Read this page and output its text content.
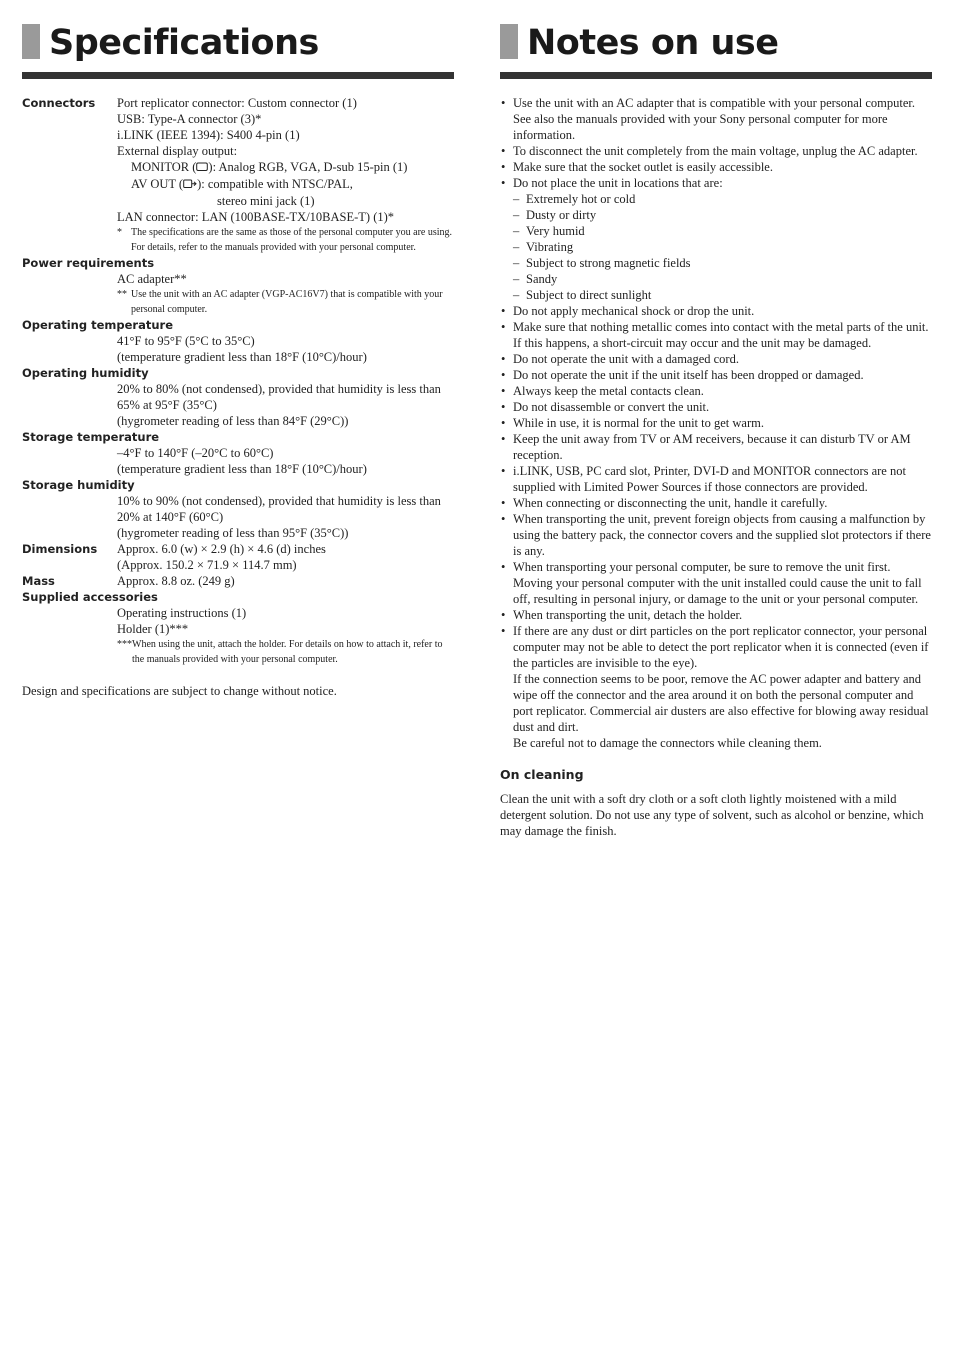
Specifications
Connectors	Port replicator connector: Custom connector (1)
USB: Type-A connector (3)*
i.LINK (IEEE 1394): S400 4-pin (1)
External display output:
MONITOR ( ): Analog RGB, VGA, D-sub 15-pin (1)
AV OUT ( ): compatible with NTSC/PAL,
stereo mini jack (1)
LAN connector: LAN (100BASE-TX/10BASE-T) (1)*
* The specifications are the same as those of the personal computer you are using. For details, refer to the manuals provided with your personal computer.
Power requirements
AC adapter**
** Use the unit with an AC adapter (VGP-AC16V7) that is compatible with your personal computer.
Operating temperature
41°F to 95°F (5°C to 35°C)
(temperature gradient less than 18°F (10°C)/hour)
Operating humidity
20% to 80% (not condensed), provided that humidity is less than 65% at 95°F (35°C)
(hygrometer reading of less than 84°F (29°C))
Storage temperature
–4°F to 140°F (–20°C to 60°C)
(temperature gradient less than 18°F (10°C)/hour)
Storage humidity
10% to 90% (not condensed), provided that humidity is less than 20% at 140°F (60°C)
(hygrometer reading of less than 95°F (35°C))
Dimensions	Approx. 6.0 (w) × 2.9 (h) × 4.6 (d) inches
(Approx. 150.2 × 71.9 × 114.7 mm)
Mass	Approx. 8.8 oz. (249 g)
Supplied accessories
Operating instructions (1)
Holder (1)***
*** When using the unit, attach the holder. For details on how to attach it, refer to the manuals provided with your personal computer.
Design and specifications are subject to change without notice.
Notes on use
• Use the unit with an AC adapter that is compatible with your personal computer. See also the manuals provided with your Sony personal computer for more information.
• To disconnect the unit completely from the main voltage, unplug the AC adapter.
• Make sure that the socket outlet is easily accessible.
• Do not place the unit in locations that are:
– Extremely hot or cold
– Dusty or dirty
– Very humid
– Vibrating
– Subject to strong magnetic fields
– Sandy
– Subject to direct sunlight
• Do not apply mechanical shock or drop the unit.
• Make sure that nothing metallic comes into contact with the metal parts of the unit. If this happens, a short-circuit may occur and the unit may be damaged.
• Do not operate the unit with a damaged cord.
• Do not operate the unit if the unit itself has been dropped or damaged.
• Always keep the metal contacts clean.
• Do not disassemble or convert the unit.
• While in use, it is normal for the unit to get warm.
• Keep the unit away from TV or AM receivers, because it can disturb TV or AM reception.
• i.LINK, USB, PC card slot, Printer, DVI-D and MONITOR connectors are not supplied with Limited Power Sources if those connectors are provided.
• When connecting or disconnecting the unit, handle it carefully.
• When transporting the unit, prevent foreign objects from causing a malfunction by using the battery pack, the connector covers and the supplied slot protectors if there is any.
• When transporting your personal computer, be sure to remove the unit first. Moving your personal computer with the unit installed could cause the unit to fall off, resulting in personal injury, or damage to the unit or your personal computer.
• When transporting the unit, detach the holder.
• If there are any dust or dirt particles on the port replicator connector, your personal computer may not be able to detect the port replicator when it is connected (even if the particles are invisible to the eye).
If the connection seems to be poor, remove the AC power adapter and battery and wipe off the connector and the area around it on both the personal computer and port replicator. Commercial air dusters are also effective for blowing away residual dust and dirt.
Be careful not to damage the connectors while cleaning them.
On cleaning
Clean the unit with a soft dry cloth or a soft cloth lightly moistened with a mild detergent solution. Do not use any type of solvent, such as alcohol or benzine, which may damage the finish.
